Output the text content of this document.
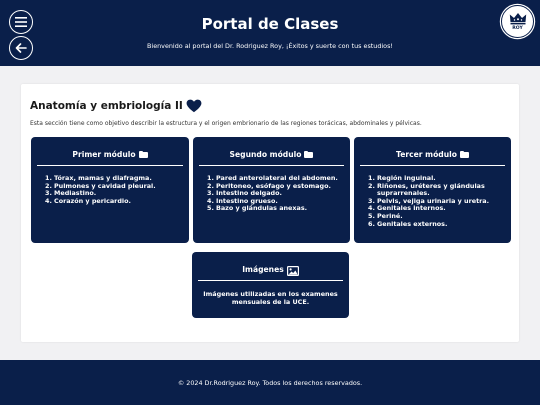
Portal de Clases
Bienvenido al portal del Dr. Rodriguez Roy, ¡Éxitos y suerte con tus estudios!
ROY
Anatomía y embriología II
Esta sección tiene como objetivo describir la estructura y el origen embrionario de las regiones torácicas, abdominales y pélvicas.
Primer módulo
1. Tórax, mamas y diafragma.
2. Pulmones y cavidad pleural.
3. Mediastino.
4. Corazón y pericardio.
Segundo módulo
1. Pared anterolateral del abdomen.
2. Peritoneo, esófago y estomago.
3. Intestino delgado.
4. Intestino grueso.
5. Bazo y glándulas anexas.
Tercer módulo
1. Región inguinal.
2. Riñones, uréteres y glándulas suprarrenales.
3. Pelvis, vejiga urinaria y uretra.
4. Genitales internos.
5. Periné.
6. Genitales externos.
Imágenes
Imágenes utilizadas en los examenes mensuales de la UCE.
© 2024 Dr.Rodriguez Roy. Todos los derechos reservados.
